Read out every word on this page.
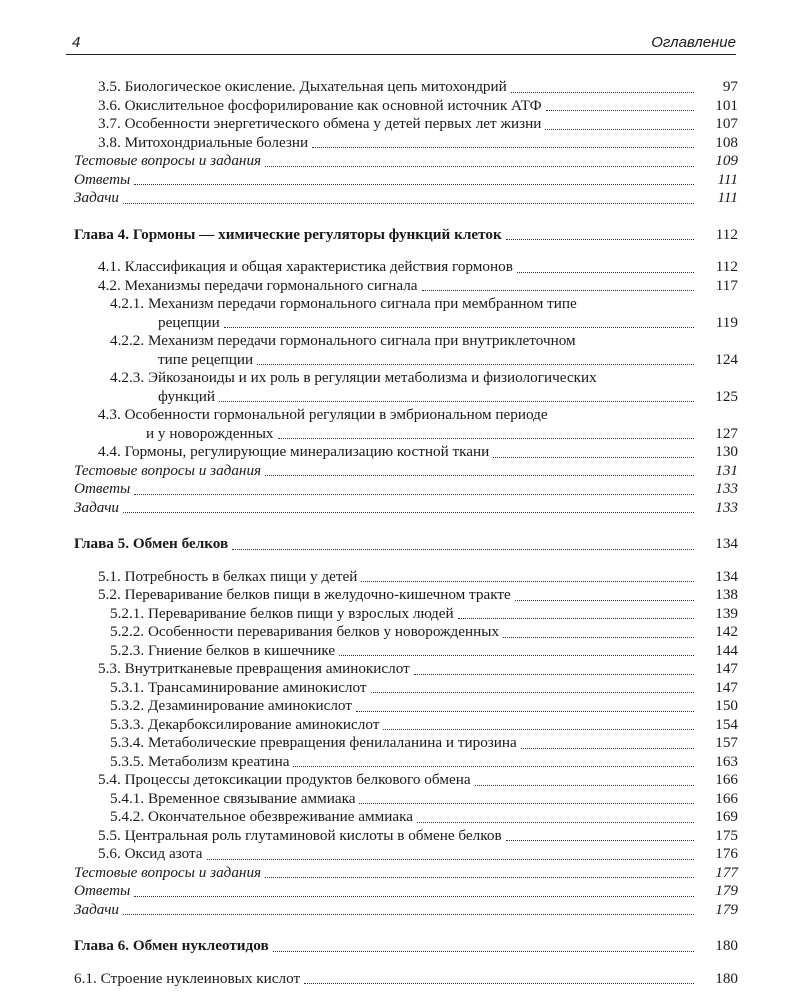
4	Оглавление
3.5. Биологическое окисление. Дыхательная цепь митохондрий	97
3.6. Окислительное фосфорилирование как основной источник АТФ	101
3.7. Особенности энергетического обмена у детей первых лет жизни	107
3.8. Митохондриальные болезни	108
Тестовые вопросы и задания	109
Ответы	111
Задачи	111
Глава 4. Гормоны — химические регуляторы функций клеток	112
4.1. Классификация и общая характеристика действия гормонов	112
4.2. Механизмы передачи гормонального сигнала	117
4.2.1. Механизм передачи гормонального сигнала при мембранном типе
рецепции	119
4.2.2. Механизм передачи гормонального сигнала при внутриклеточном
типе рецепции	124
4.2.3. Эйкозаноиды и их роль в регуляции метаболизма и физиологических
функций	125
4.3. Особенности гормональной регуляции в эмбриональном периоде
и у новорожденных	127
4.4. Гормоны, регулирующие минерализацию костной ткани	130
Тестовые вопросы и задания	131
Ответы	133
Задачи	133
Глава 5. Обмен белков	134
5.1. Потребность в белках пищи у детей	134
5.2. Переваривание белков пищи в желудочно-кишечном тракте	138
5.2.1. Переваривание белков пищи у взрослых людей	139
5.2.2. Особенности переваривания белков у новорожденных	142
5.2.3. Гниение белков в кишечнике	144
5.3. Внутритканевые превращения аминокислот	147
5.3.1. Трансаминирование аминокислот	147
5.3.2. Дезаминирование аминокислот	150
5.3.3. Декарбоксилирование аминокислот	154
5.3.4. Метаболические превращения фенилаланина и тирозина	157
5.3.5. Метаболизм креатина	163
5.4. Процессы детоксикации продуктов белкового обмена	166
5.4.1. Временное связывание аммиака	166
5.4.2. Окончательное обезвреживание аммиака	169
5.5. Центральная роль глутаминовой кислоты в обмене белков	175
5.6. Оксид азота	176
Тестовые вопросы и задания	177
Ответы	179
Задачи	179
Глава 6. Обмен нуклеотидов	180
6.1. Строение нуклеиновых кислот	180
